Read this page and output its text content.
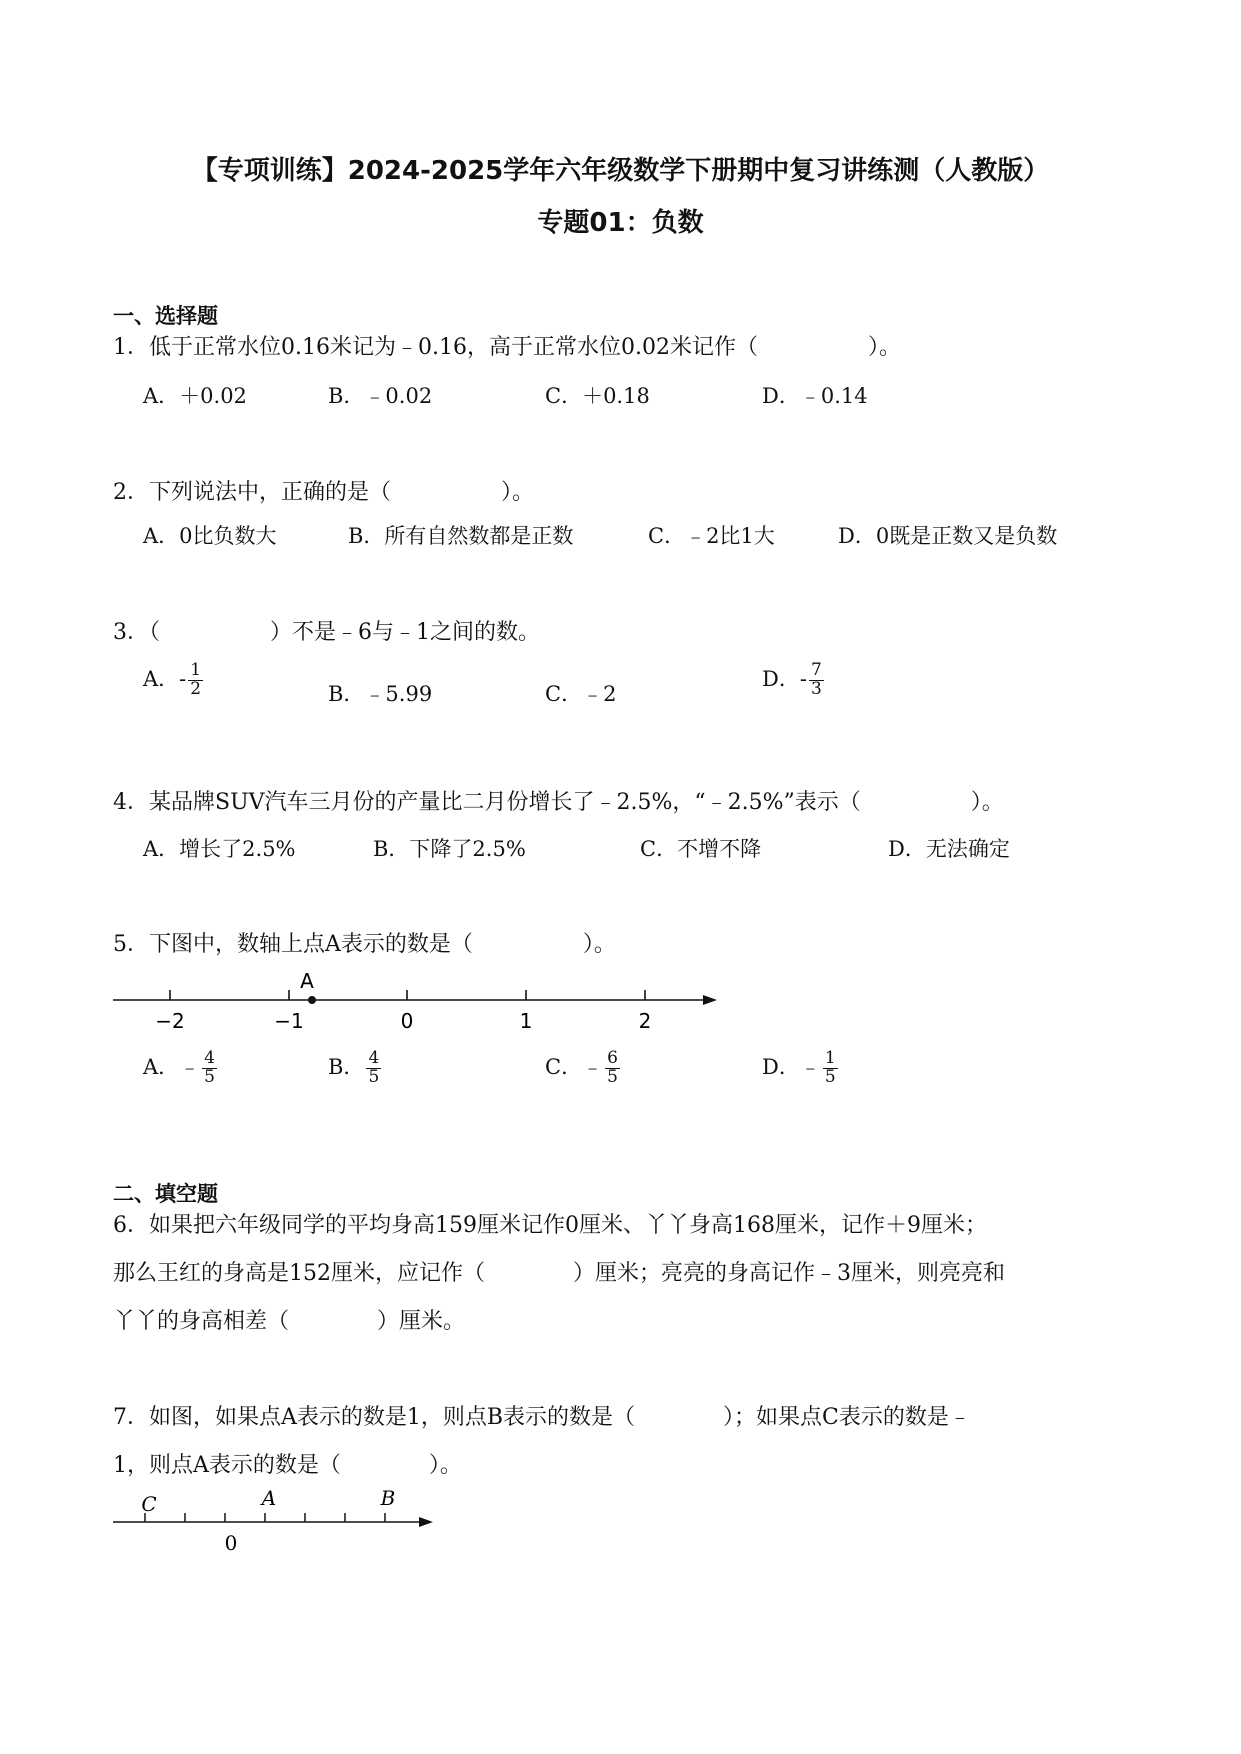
【专项训练】2024-2025学年六年级数学下册期中复习讲练测（人教版）
专题01：负数
一、选择题
1．低于正常水位0.16米记为﹣0.16，高于正常水位0.02米记作（　　　　　）。
A．＋0.02	B．﹣0.02	C．＋0.18	D．﹣0.14
2．下列说法中，正确的是（　　　　　）。
A．0比负数大	B．所有自然数都是正数	C．﹣2比1大	D．0既是正数又是负数
3．（　　　　　）不是﹣6与﹣1之间的数。
A．- $\frac{1}{2}$	B．﹣5.99	C．﹣2
D．- $\frac{7}{3}$
4．某品牌SUV汽车三月份的产量比二月份增长了﹣2.5%，“﹣2.5%”表示（　　　　　）。
A．增长了2.5%	B．下降了2.5%	C．不增不降	D．无法确定
5．下图中，数轴上点A表示的数是（　　　　　）。
A
−2	−1	0	1	2
A．﹣ $\frac{4}{5}$	B． $\frac{4}{5}$	C．﹣ $\frac{6}{5}$	D．﹣ $\frac{1}{5}$
二、填空题
6．如果把六年级同学的平均身高159厘米记作0厘米、丫丫身高168厘米，记作＋9厘米；
那么王红的身高是152厘米，应记作（　　　　）厘米；亮亮的身高记作﹣3厘米，则亮亮和
丫丫的身高相差（　　　　）厘米。
7．如图，如果点A表示的数是1，则点B表示的数是（　　　　）；如果点C表示的数是﹣
1，则点A表示的数是（　　　　）。
C	A	B
0
